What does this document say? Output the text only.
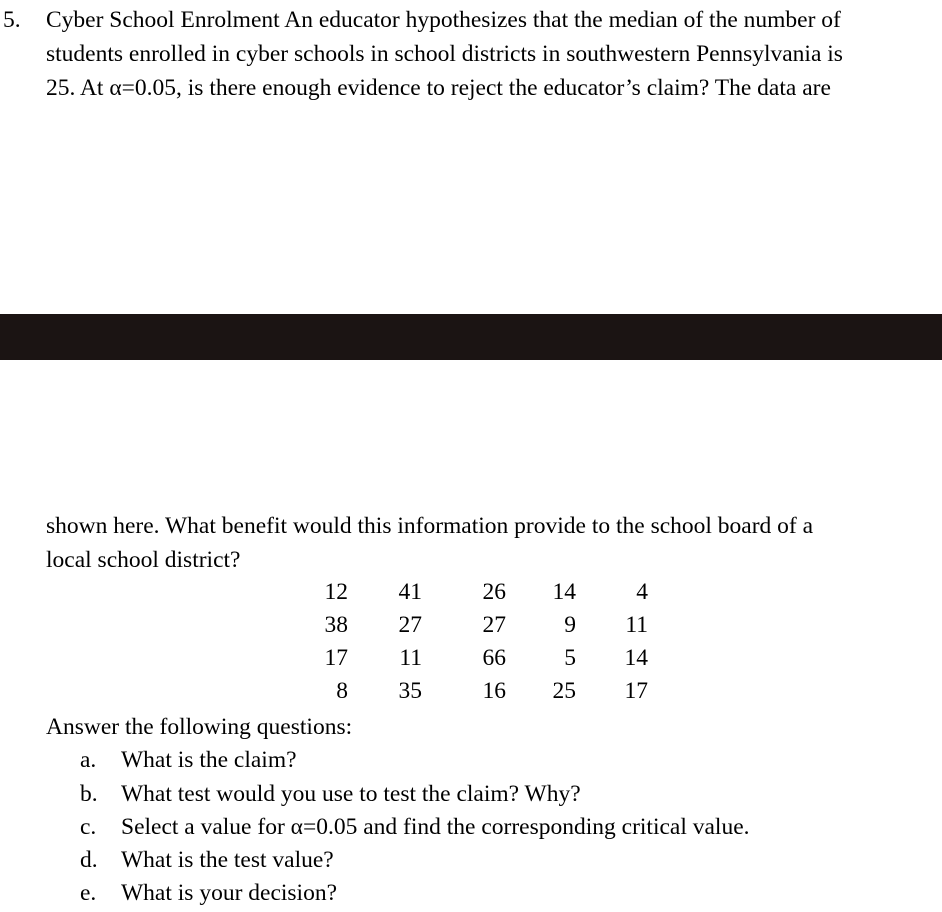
5. Cyber School Enrolment An educator hypothesizes that the median of the number of
students enrolled in cyber schools in school districts in southwestern Pennsylvania is
25. At α=0.05, is there enough evidence to reject the educator’s claim? The data are
shown here. What benefit would this information provide to the school board of a
local school district?
12	41	26	14	4
38	27	27	9	11
17	11	66	5	14
8	35	16	25	17
Answer the following questions:
a. What is the claim?
b. What test would you use to test the claim? Why?
c. Select a value for α=0.05 and find the corresponding critical value.
d. What is the test value?
e. What is your decision?
